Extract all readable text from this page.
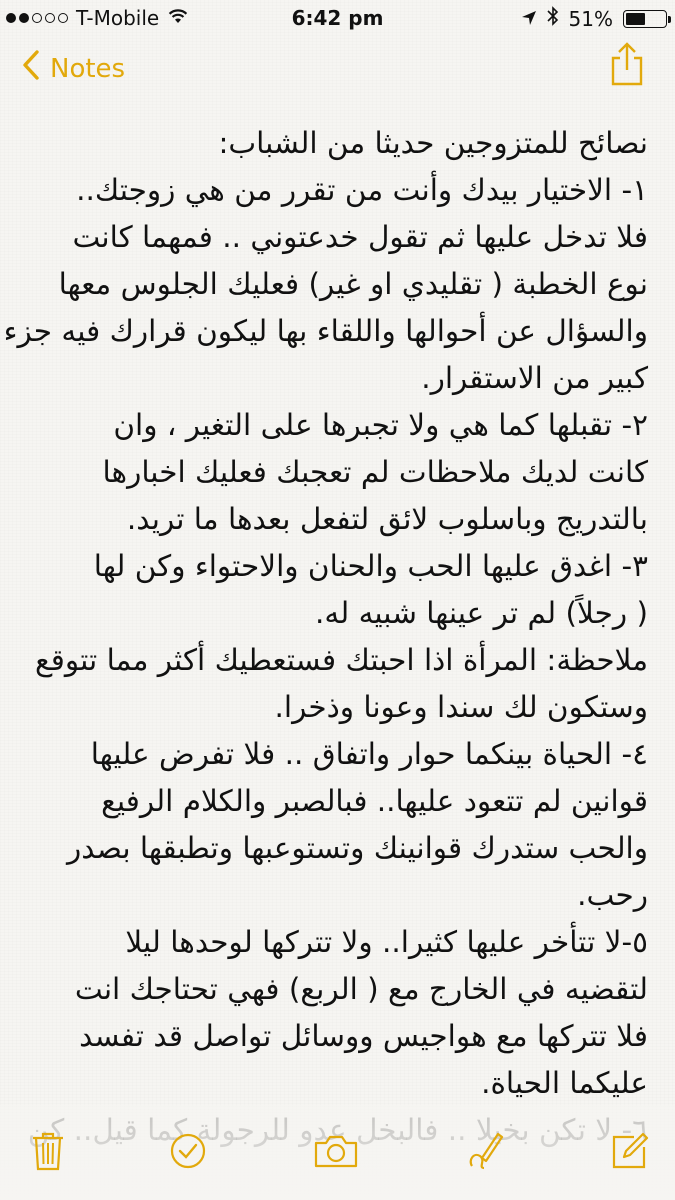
T-Mobile	6:42 pm	51%
Notes
نصائح للمتزوجين حديثا من الشباب:
١- الاختيار بيدك وأنت من تقرر من هي زوجتك..
فلا تدخل عليها ثم تقول خدعتوني .. فمهما كانت
نوع الخطبة ( تقليدي او غير) فعليك الجلوس معها
والسؤال عن أحوالها واللقاء بها ليكون قرارك فيه جزء
كبير من الاستقرار.
٢- تقبلها كما هي ولا تجبرها على التغير ، وان
كانت لديك ملاحظات لم تعجبك فعليك اخبارها
بالتدريج وباسلوب لائق لتفعل بعدها ما تريد.
٣- اغدق عليها الحب والحنان والاحتواء وكن لها
( رجلاً) لم تر عينها شبيه له.
ملاحظة: المرأة اذا احبتك فستعطيك أكثر مما تتوقع
وستكون لك سندا وعونا وذخرا.
٤- الحياة بينكما حوار واتفاق .. فلا تفرض عليها
قوانين لم تتعود عليها.. فبالصبر والكلام الرفيع
والحب ستدرك قوانينك وتستوعبها وتطبقها بصدر
رحب.
٥-لا تتأخر عليها كثيرا.. ولا تتركها لوحدها ليلا
لتقضيه في الخارج مع ( الربع) فهي تحتاجك انت
فلا تتركها مع هواجيس ووسائل تواصل قد تفسد
عليكما الحياة.
